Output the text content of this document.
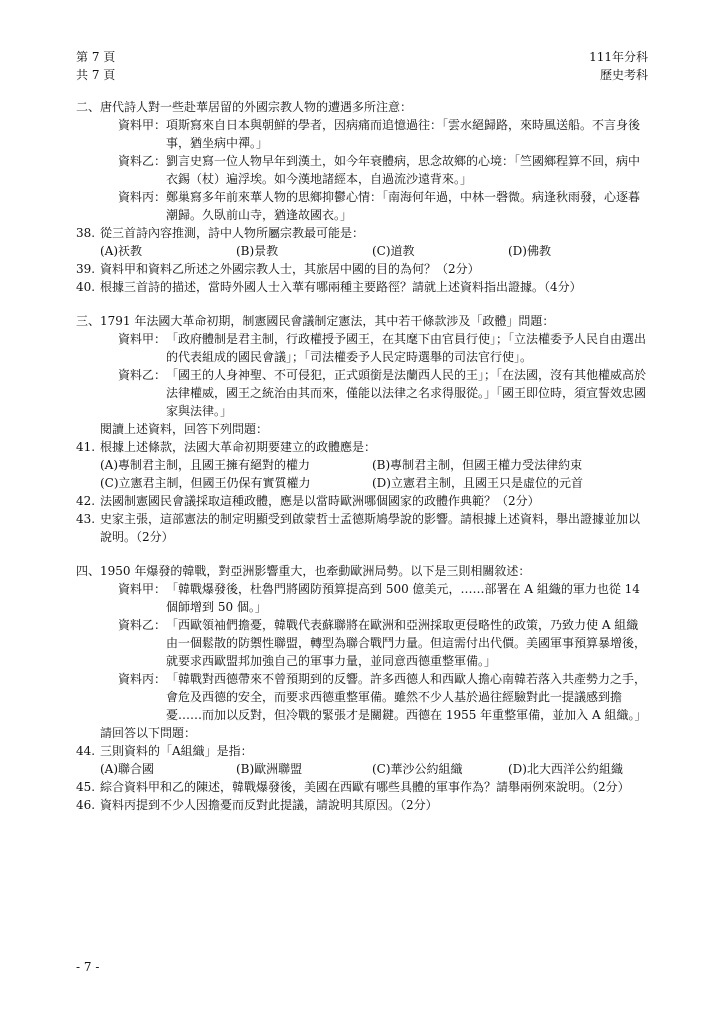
第 7 頁
共 7 頁
111年分科
歷史考科
二、唐代詩人對一些赴華居留的外國宗教人物的遭遇多所注意：
資料甲： 項斯寫來自日本與朝鮮的學者，因病痛而追憶過往：「雲水絕歸路，來時風送船。不言身後事，猶坐病中禪。」
資料乙： 劉言史寫一位人物早年到漢土，如今年衰體病，思念故鄉的心境：「竺國鄉程算不回，病中衣錫（杖）遍浮埃。如今漢地諸經本，自過流沙遠背來。」
資料丙： 鄭巢寫多年前來華人物的思鄉抑鬱心情：「南海何年過，中林一磬微。病逢秋雨發，心逐暮潮歸。久臥前山寺，猶逢故國衣。」
38. 從三首詩內容推測，詩中人物所屬宗教最可能是：
(A)祆教	(B)景教	(C)道教	(D)佛教
39. 資料甲和資料乙所述之外國宗教人士，其旅居中國的目的為何？（2分）
40. 根據三首詩的描述，當時外國人士入華有哪兩種主要路徑？請就上述資料指出證據。（4分）
三、1791 年法國大革命初期，制憲國民會議制定憲法，其中若干條款涉及「政體」問題：
資料甲： 「政府體制是君主制，行政權授予國王，在其麾下由官員行使」；「立法權委予人民自由選出的代表組成的國民會議」；「司法權委予人民定時選舉的司法官行使」。
資料乙： 「國王的人身神聖、不可侵犯，正式頭銜是法蘭西人民的王」；「在法國，沒有其他權威高於法律權威，國王之統治由其而來，僅能以法律之名求得服從。」「國王即位時，須宣誓效忠國家與法律。」
閱讀上述資料，回答下列問題：
41. 根據上述條款，法國大革命初期要建立的政體應是：
(A)專制君主制，且國王擁有絕對的權力	(B)專制君主制，但國王權力受法律約束
(C)立憲君主制，但國王仍保有實質權力	(D)立憲君主制，且國王只是虛位的元首
42. 法國制憲國民會議採取這種政體，應是以當時歐洲哪個國家的政體作典範？（2分）
43. 史家主張，這部憲法的制定明顯受到啟蒙哲士孟德斯鳩學說的影響。請根據上述資料，舉出證據並加以說明。（2分）
四、1950 年爆發的韓戰，對亞洲影響重大，也牽動歐洲局勢。以下是三則相關敘述：
資料甲： 「韓戰爆發後，杜魯門將國防預算提高到 500 億美元，……部署在 A 組織的軍力也從 14 個師增到 50 個。」
資料乙： 「西歐領袖們擔憂，韓戰代表蘇聯將在歐洲和亞洲採取更侵略性的政策，乃致力使 A 組織由一個鬆散的防禦性聯盟，轉型為聯合戰鬥力量。但這需付出代價。美國軍事預算暴增後，就要求西歐盟邦加強自己的軍事力量，並同意西德重整軍備。」
資料丙： 「韓戰對西德帶來不曾預期到的反響。許多西德人和西歐人擔心南韓若落入共產勢力之手，會危及西德的安全，而要求西德重整軍備。雖然不少人基於過往經驗對此一提議感到擔憂……而加以反對，但冷戰的緊張才是關鍵。西德在 1955 年重整軍備，並加入 A 組織。」
請回答以下問題：
44. 三則資料的「A組織」是指：
(A)聯合國	(B)歐洲聯盟	(C)華沙公約組織	(D)北大西洋公約組織
45. 綜合資料甲和乙的陳述，韓戰爆發後，美國在西歐有哪些具體的軍事作為？請舉兩例來說明。（2分）
46. 資料丙提到不少人因擔憂而反對此提議，請說明其原因。（2分）
- 7 -
